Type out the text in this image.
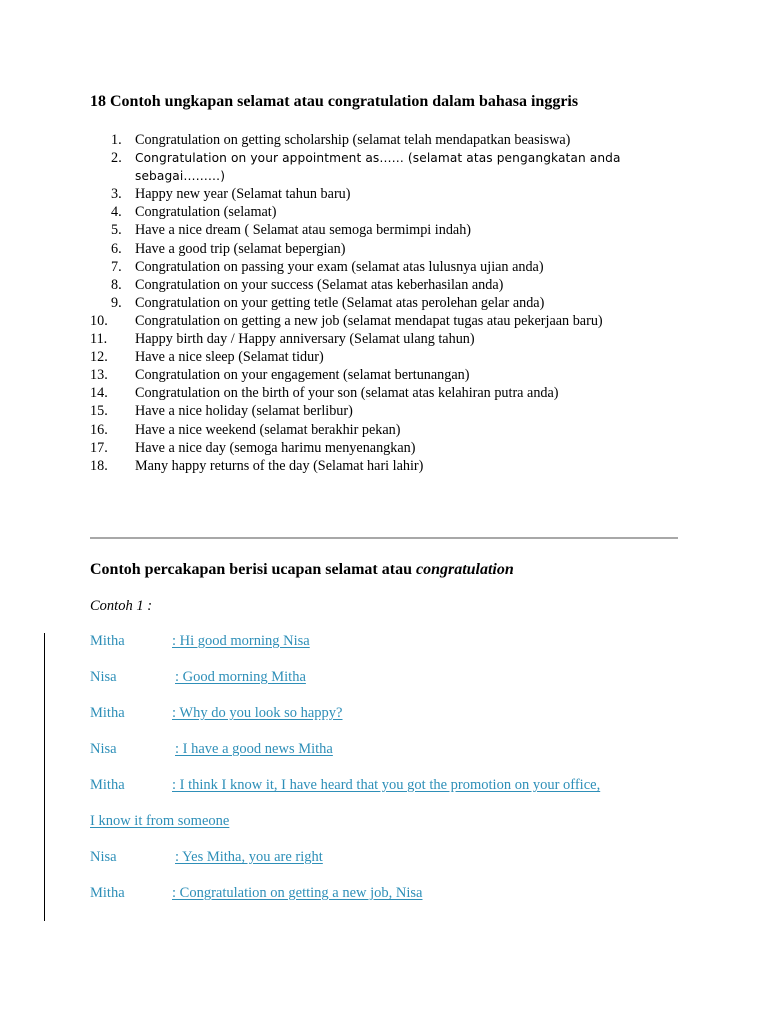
18 Contoh ungkapan selamat atau congratulation dalam bahasa inggris
1. Congratulation on getting scholarship (selamat telah mendapatkan beasiswa)
2. Congratulation on your appointment as…… (selamat atas pengangkatan anda
sebagai………)
3. Happy new year (Selamat tahun baru)
4. Congratulation (selamat)
5. Have a nice dream ( Selamat atau semoga bermimpi indah)
6. Have a good trip (selamat bepergian)
7. Congratulation on passing your exam (selamat atas lulusnya ujian anda)
8. Congratulation on your success (Selamat atas keberhasilan anda)
9. Congratulation on your getting tetle (Selamat atas perolehan gelar anda)
10. Congratulation on getting a new job (selamat mendapat tugas atau pekerjaan baru)
11. Happy birth day / Happy anniversary (Selamat ulang tahun)
12. Have a nice sleep (Selamat tidur)
13. Congratulation on your engagement (selamat bertunangan)
14. Congratulation on the birth of your son (selamat atas kelahiran putra anda)
15. Have a nice holiday (selamat berlibur)
16. Have a nice weekend (selamat berakhir pekan)
17. Have a nice day (semoga harimu menyenangkan)
18. Many happy returns of the day (Selamat hari lahir)
Contoh percakapan berisi ucapan selamat atau congratulation

Contoh 1 :

Mitha	: Hi good morning Nisa
Nisa	: Good morning Mitha
Mitha	: Why do you look so happy?
Nisa	: I have a good news Mitha
Mitha	: I think I know it, I have heard that you got the promotion on your office,
I know it from someone
Nisa	: Yes Mitha, you are right
Mitha	: Congratulation on getting a new job, Nisa
